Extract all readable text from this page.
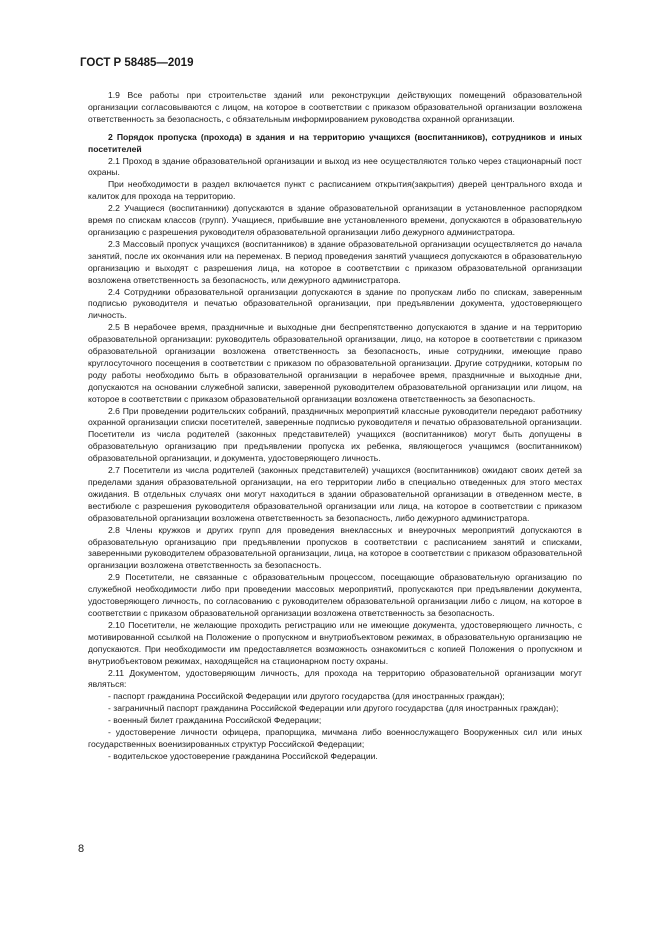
ГОСТ Р 58485—2019

1.9 Все работы при строительстве зданий или реконструкции действующих помещений образовательной организации согласовываются с лицом, на которое в соответствии с приказом образовательной организации возложена ответственность за безопасность, с обязательным информированием руководства охранной организации.

2 Порядок пропуска (прохода) в здания и на территорию учащихся (воспитанников), сотрудников и иных посетителей

2.1 Проход в здание образовательной организации и выход из нее осуществляются только через стационарный пост охраны.

При необходимости в раздел включается пункт с расписанием открытия(закрытия) дверей центрального входа и калиток для прохода на территорию.

2.2 Учащиеся (воспитанники) допускаются в здание образовательной организации в установленное распорядком время по спискам классов (групп). Учащиеся, прибывшие вне установленного времени, допускаются в образовательную организацию с разрешения руководителя образовательной организации либо дежурного администратора.

2.3 Массовый пропуск учащихся (воспитанников) в здание образовательной организации осуществляется до начала занятий, после их окончания или на переменах. В период проведения занятий учащиеся допускаются в образовательную организацию и выходят с разрешения лица, на которое в соответствии с приказом образовательной организации возложена ответственность за безопасность, или дежурного администратора.

2.4 Сотрудники образовательной организации допускаются в здание по пропускам либо по спискам, заверенным подписью руководителя и печатью образовательной организации, при предъявлении документа, удостоверяющего личность.

2.5 В нерабочее время, праздничные и выходные дни беспрепятственно допускаются в здание и на территорию образовательной организации: руководитель образовательной организации, лицо, на которое в соответствии с приказом образовательной организации возложена ответственность за безопасность, иные сотрудники, имеющие право круглосуточного посещения в соответствии с приказом по образовательной организации. Другие сотрудники, которым по роду работы необходимо быть в образовательной организации в нерабочее время, праздничные и выходные дни, допускаются на основании служебной записки, заверенной руководителем образовательной организации или лицом, на которое в соответствии с приказом образовательной организации возложена ответственность за безопасность.

2.6 При проведении родительских собраний, праздничных мероприятий классные руководители передают работнику охранной организации списки посетителей, заверенные подписью руководителя и печатью образовательной организации. Посетители из числа родителей (законных представителей) учащихся (воспитанников) могут быть допущены в образовательную организацию при предъявлении пропуска их ребенка, являющегося учащимся (воспитанником) образовательной организации, и документа, удостоверяющего личность.

2.7 Посетители из числа родителей (законных представителей) учащихся (воспитанников) ожидают своих детей за пределами здания образовательной организации, на его территории либо в специально отведенных для этого местах ожидания. В отдельных случаях они могут находиться в здании образовательной организации в отведенном месте, в вестибюле с разрешения руководителя образовательной организации или лица, на которое в соответствии с приказом образовательной организации возложена ответственность за безопасность, либо дежурного администратора.

2.8 Члены кружков и других групп для проведения внеклассных и внеурочных мероприятий допускаются в образовательную организацию при предъявлении пропусков в соответствии с расписанием занятий и списками, заверенными руководителем образовательной организации, лица, на которое в соответствии с приказом образовательной организации возложена ответственность за безопасность.

2.9 Посетители, не связанные с образовательным процессом, посещающие образовательную организацию по служебной необходимости либо при проведении массовых мероприятий, пропускаются при предъявлении документа, удостоверяющего личность, по согласованию с руководителем образовательной организации либо с лицом, на которое в соответствии с приказом образовательной организации возложена ответственность за безопасность.

2.10 Посетители, не желающие проходить регистрацию или не имеющие документа, удостоверяющего личность, с мотивированной ссылкой на Положение о пропускном и внутриобъектовом режимах, в образовательную организацию не допускаются. При необходимости им предоставляется возможность ознакомиться с копией Положения о пропускном и внутриобъектовом режимах, находящейся на стационарном посту охраны.

2.11 Документом, удостоверяющим личность, для прохода на территорию образовательной организации могут являться:

- паспорт гражданина Российской Федерации или другого государства (для иностранных граждан);

- заграничный паспорт гражданина Российской Федерации или другого государства (для иностранных граждан);

- военный билет гражданина Российской Федерации;

- удостоверение личности офицера, прапорщика, мичмана либо военнослужащего Вооруженных сил или иных государственных военизированных структур Российской Федерации;

- водительское удостоверение гражданина Российской Федерации.

8
